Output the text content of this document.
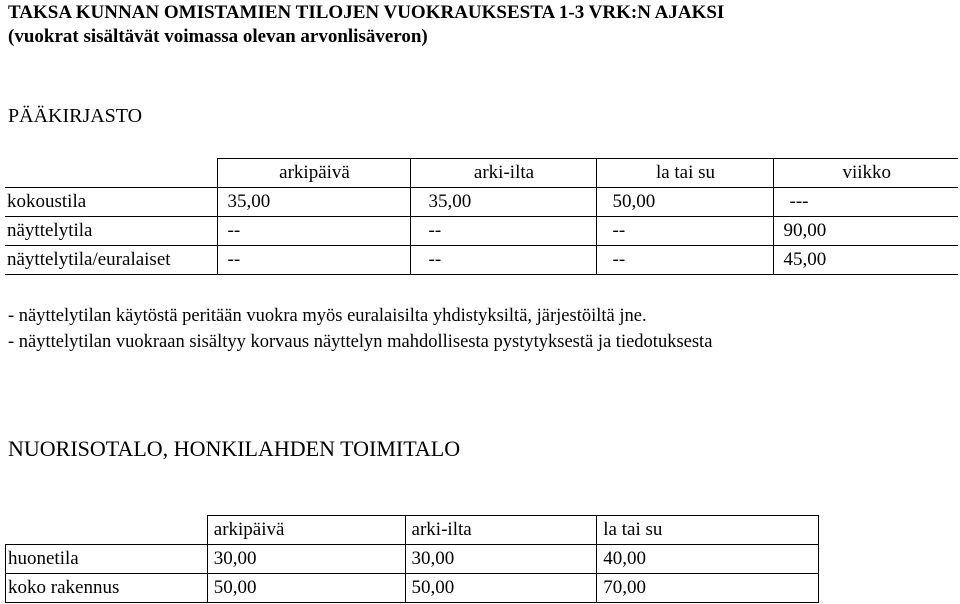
TAKSA KUNNAN OMISTAMIEN TILOJEN VUOKRAUKSESTA 1-3 VRK:N AJAKSI
(vuokrat sisältävät voimassa olevan arvonlisäveron)
PÄÄKIRJASTO
	arkipäivä	arki-ilta	la tai su	viikko
kokoustila	35,00	35,00	50,00	---
näyttelytila	--	--	--	90,00
näyttelytila/euralaiset	--	--	--	45,00
- näyttelytilan käytöstä peritään vuokra myös euralaisilta yhdistyksiltä, järjestöiltä jne.
- näyttelytilan vuokraan sisältyy korvaus näyttelyn mahdollisesta pystytyksestä ja tiedotuksesta
NUORISOTALO, HONKILAHDEN TOIMITALO
	arkipäivä	arki-ilta	la tai su
huonetila	30,00	30,00	40,00
koko rakennus	50,00	50,00	70,00
